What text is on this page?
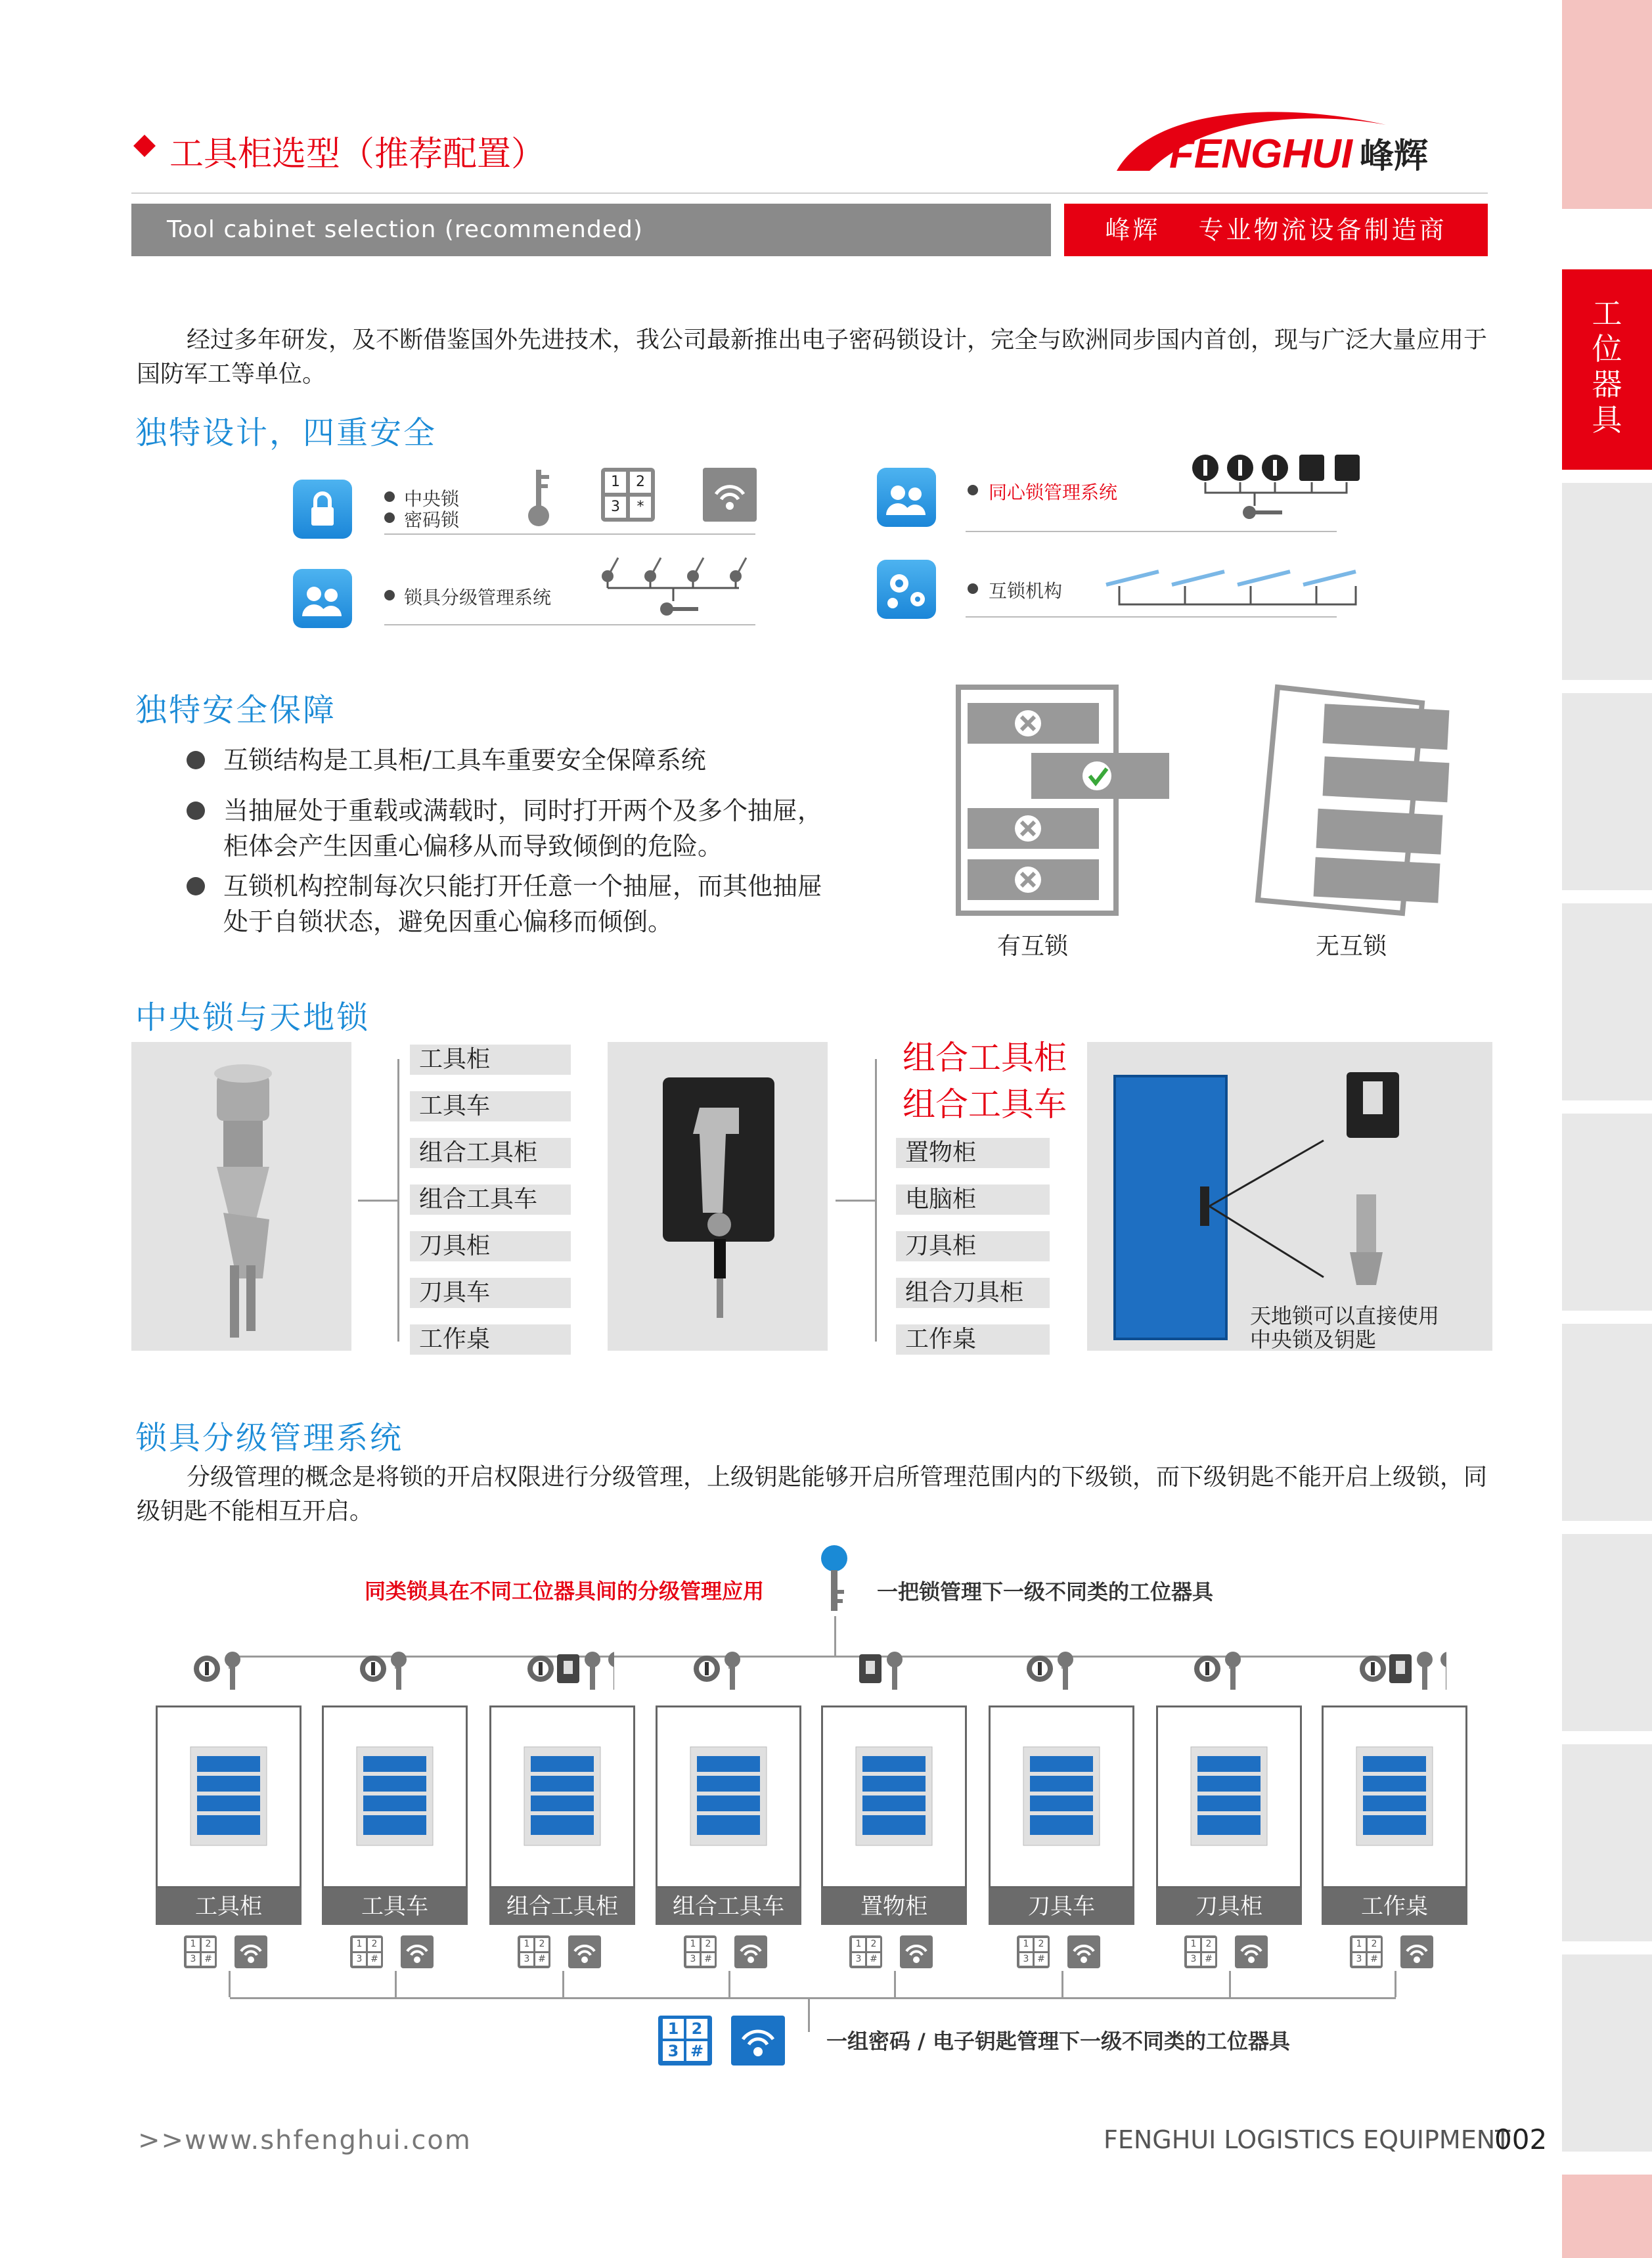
工位器具
工具柜选型（推荐配置）	FENGHUI 峰辉
Tool cabinet selection (recommended)	峰辉　 专业物流设备制造商
经过多年研发，及不断借鉴国外先进技术，我公司最新推出电子密码锁设计，完全与欧洲同步国内首创，现与广泛大量应用于国防军工等单位。
独特设计，四重安全
中央锁
密码锁
1	2
3	*
锁具分级管理系统
同心锁管理系统
互锁机构
独特安全保障
互锁结构是工具柜/工具车重要安全保障系统
当抽屉处于重载或满载时，同时打开两个及多个抽屉，柜体会产生因重心偏移从而导致倾倒的危险。
互锁机构控制每次只能打开任意一个抽屉，而其他抽屉处于自锁状态，避免因重心偏移而倾倒。
有互锁	无互锁
中央锁与天地锁
工具柜
工具车
组合工具柜
组合工具车
刀具柜
刀具车
工作桌
组合工具柜
组合工具车
置物柜
电脑柜
刀具柜
组合刀具柜
工作桌
天地锁可以直接使用中央锁及钥匙
锁具分级管理系统
分级管理的概念是将锁的开启权限进行分级管理，上级钥匙能够开启所管理范围内的下级锁，而下级钥匙不能开启上级锁，同级钥匙不能相互开启。
同类锁具在不同工位器具间的分级管理应用	一把锁管理下一级不同类的工位器具
工具柜
1	2
3 #
工具车
1	2
3 #
组合工具柜
1	2
3 #
组合工具车
1	2
3 #
置物柜
1	2
3 #
刀具车
1	2
3 #
刀具柜
1	2
3 #
工作桌
1	2
3 #
1 2
3 #	一组密码 / 电子钥匙管理下一级不同类的工位器具
>>www.shfenghui.com	FENGHUI LOGISTICS EQUIPMENT
002
